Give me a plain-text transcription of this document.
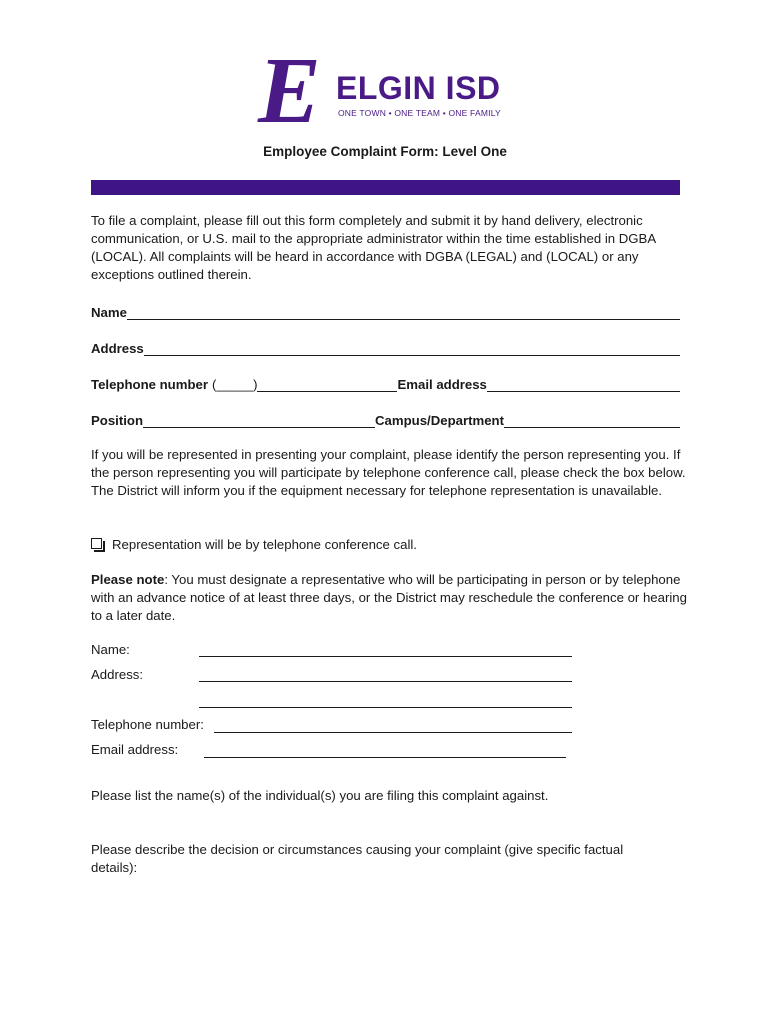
E ELGIN ISD
ONE TOWN • ONE TEAM • ONE FAMILY
Employee Complaint Form: Level One
To file a complaint, please fill out this form completely and submit it by hand delivery, electronic communication, or U.S. mail to the appropriate administrator within the time established in DGBA (LOCAL). All complaints will be heard in accordance with DGBA (LEGAL) and (LOCAL) or any exceptions outlined therein.
Name
Address
Telephone number (_____)	Email address
Position	Campus/Department
If you will be represented in presenting your complaint, please identify the person representing you. If the person representing you will participate by telephone conference call, please check the box below. The District will inform you if the equipment necessary for telephone representation is unavailable.
Representation will be by telephone conference call.
Please note: You must designate a representative who will be participating in person or by telephone with an advance notice of at least three days, or the District may reschedule the conference or hearing to a later date.
Name:
Address:
Telephone number:
Email address:
Please list the name(s) of the individual(s) you are filing this complaint against.
Please describe the decision or circumstances causing your complaint (give specific factual details):
